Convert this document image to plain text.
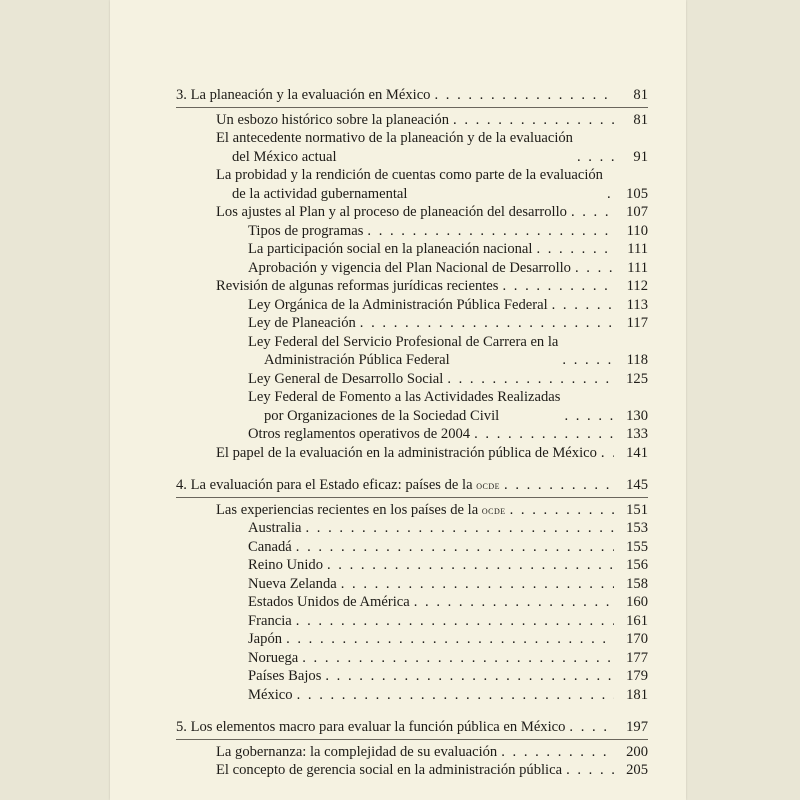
3. La planeación y la evaluación en México . . .	81
Un esbozo histórico sobre la planeación . . .	81
El antecedente normativo de la planeación y de la evaluación
del México actual . . .	91
La probidad y la rendición de cuentas como parte de la evaluación
de la actividad gubernamental . . .	105
Los ajustes al Plan y al proceso de planeación del desarrollo . . .	107
Tipos de programas . . .	110
La participación social en la planeación nacional . . .	111
Aprobación y vigencia del Plan Nacional de Desarrollo . . .	111
Revisión de algunas reformas jurídicas recientes . . .	112
Ley Orgánica de la Administración Pública Federal . . .	113
Ley de Planeación . . .	117
Ley Federal del Servicio Profesional de Carrera en la
Administración Pública Federal . . .	118
Ley General de Desarrollo Social . . .	125
Ley Federal de Fomento a las Actividades Realizadas
por Organizaciones de la Sociedad Civil . . .	130
Otros reglamentos operativos de 2004 . . .	133
El papel de la evaluación en la administración pública de México . . .	141
4. La evaluación para el Estado eficaz: países de la ocde . . .	145
Las experiencias recientes en los países de la ocde . . .	151
Australia . . .	153
Canadá . . .	155
Reino Unido . . .	156
Nueva Zelanda . . .	158
Estados Unidos de América . . .	160
Francia . . .	161
Japón . . .	170
Noruega . . .	177
Países Bajos . . .	179
México . . .	181
5. Los elementos macro para evaluar la función pública en México . . .	197
La gobernanza: la complejidad de su evaluación . . .	200
El concepto de gerencia social en la administración pública . . .	205
